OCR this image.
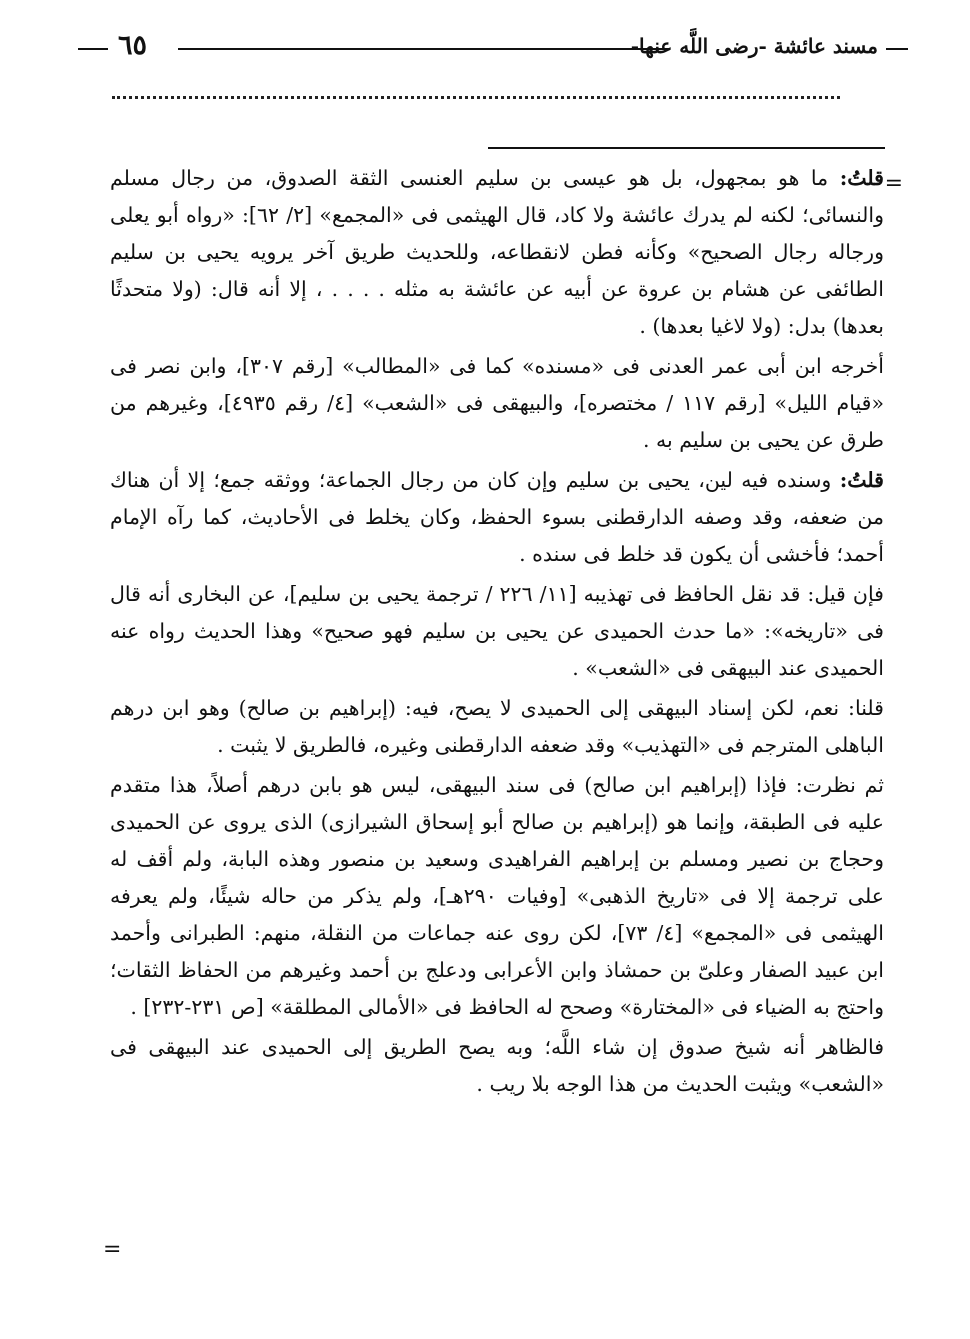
٦٥	مسند عائشة -رضى اللَّه عنها-
=

قلتُ: ما هو بمجهول، بل هو عيسى بن سليم العنسى الثقة الصدوق، من رجال مسلم والنسائى؛ لكنه لم يدرك عائشة ولا كاد، قال الهيثمى فى «المجمع» [٢/ ٦٢]: «رواه أبو يعلى ورجاله رجال الصحيح» وكأنه فطن لانقطاعه، وللحديث طريق آخر يرويه يحيى بن سليم الطائفى عن هشام بن عروة عن أبيه عن عائشة به مثله . . . . ، إلا أنه قال: (ولا متحدثًا بعدها) بدل: (ولا لاغيا بعدها) .

أخرجه ابن أبى عمر العدنى فى «مسنده» كما فى «المطالب» [رقم ٣٠٧]، وابن نصر فى «قيام الليل» [رقم ١١٧ / مختصره]، والبيهقى فى «الشعب» [٤/ رقم ٤٩٣٥]، وغيرهم من طرق عن يحيى بن سليم به .

قلتُ: وسنده فيه لين، يحيى بن سليم وإن كان من رجال الجماعة؛ ووثقه جمع؛ إلا أن هناك من ضعفه، وقد وصفه الدارقطنى بسوء الحفظ، وكان يخلط فى الأحاديث، كما رآه الإمام أحمد؛ فأخشى أن يكون قد خلط فى سنده .

فإن قيل: قد نقل الحافظ فى تهذيبه [١١/ ٢٢٦ / ترجمة يحيى بن سليم]، عن البخارى أنه قال فى «تاريخه»: «ما حدث الحميدى عن يحيى بن سليم فهو صحيح» وهذا الحديث رواه عنه الحميدى عند البيهقى فى «الشعب» .

قلنا: نعم، لكن إسناد البيهقى إلى الحميدى لا يصح، فيه: (إبراهيم بن صالح) وهو ابن درهم الباهلى المترجم فى «التهذيب» وقد ضعفه الدارقطنى وغيره، فالطريق لا يثبت .

ثم نظرت: فإذا (إبراهيم ابن صالح) فى سند البيهقى، ليس هو بابن درهم أصلاً، هذا متقدم عليه فى الطبقة، وإنما هو (إبراهيم بن صالح أبو إسحاق الشيرازى) الذى يروى عن الحميدى وحجاج بن نصير ومسلم بن إبراهيم الفراهيدى وسعيد بن منصور وهذه البابة، ولم أقف له على ترجمة إلا فى «تاريخ الذهبى» [وفيات ٢٩٠هـ]، ولم يذكر من حاله شيئًا، ولم يعرفه الهيثمى فى «المجمع» [٤/ ٧٣]، لكن روى عنه جماعات من النقلة، منهم: الطبرانى وأحمد ابن عبيد الصفار وعلىّ بن حمشاذ وابن الأعرابى ودعلج بن أحمد وغيرهم من الحفاظ الثقات؛ واحتج به الضياء فى «المختارة» وصحح له الحافظ فى «الأمالى المطلقة» [ص ٢٣١-٢٣٢] .

فالظاهر أنه شيخ صدوق إن شاء اللَّه؛ وبه يصح الطريق إلى الحميدى عند البيهقى فى «الشعب» ويثبت الحديث من هذا الوجه بلا ريب .

=
